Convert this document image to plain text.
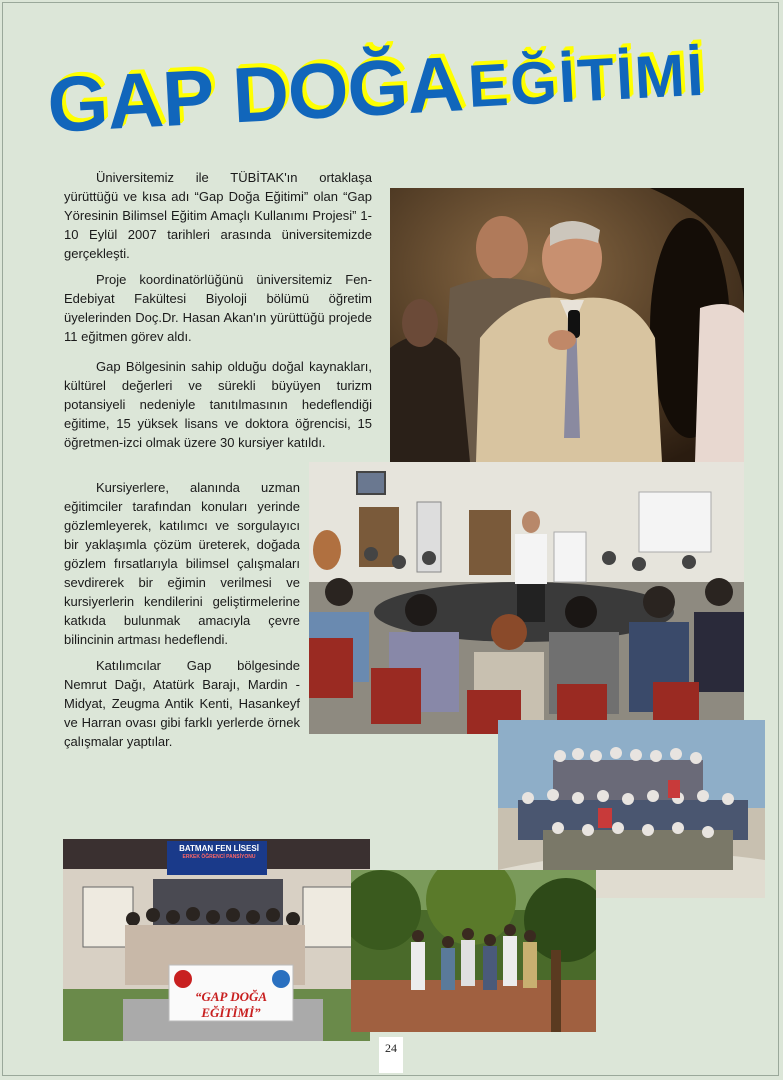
GAP DOĞA EĞİTİMİ

Üniversitemiz ile TÜBİTAK'ın ortaklaşa yürüttüğü ve kısa adı “Gap Doğa Eğitimi” olan “Gap Yöresinin Bilimsel Eğitim Amaçlı Kullanımı Projesi” 1-10 Eylül 2007 tarihleri arasında üniversitemizde gerçekleşti.

Proje koordinatörlüğünü üniversitemiz Fen-Edebiyat Fakültesi Biyoloji bölümü öğretim üyelerinden Doç.Dr. Hasan Akan'ın yürüttüğü projede 11 eğitmen görev aldı.

Gap Bölgesinin sahip olduğu doğal kaynakları, kültürel değerleri ve sürekli büyüyen turizm potansiyeli nedeniyle tanıtılmasının hedeflendiği eğitime, 15 yüksek lisans ve doktora öğrencisi, 15 öğretmen-izci olmak üzere 30 kursiyer katıldı.

Kursiyerlere, alanında uzman eğitimciler tarafından konuları yerinde gözlemleyerek, katılımcı ve sorgulayıcı bir yaklaşımla çözüm üreterek, doğada gözlem fırsatlarıyla bilimsel çalışmaları sevdirerek bir eğimin verilmesi ve kursiyerlerin kendilerini geliştirmelerine katkıda bulunmak amacıyla çevre bilincinin artması hedeflendi.

Katılımcılar Gap bölgesinde Nemrut Dağı, Atatürk Barajı, Mardin - Midyat, Zeugma Antik Kenti, Hasankeyf ve Harran ovası gibi farklı yerlerde örnek çalışmalar yaptılar.

BATMAN FEN LİSESİ
ERKEK ÖĞRENCİ PANSİYONU
“GAP DOĞA EĞİTİMİ”
24
